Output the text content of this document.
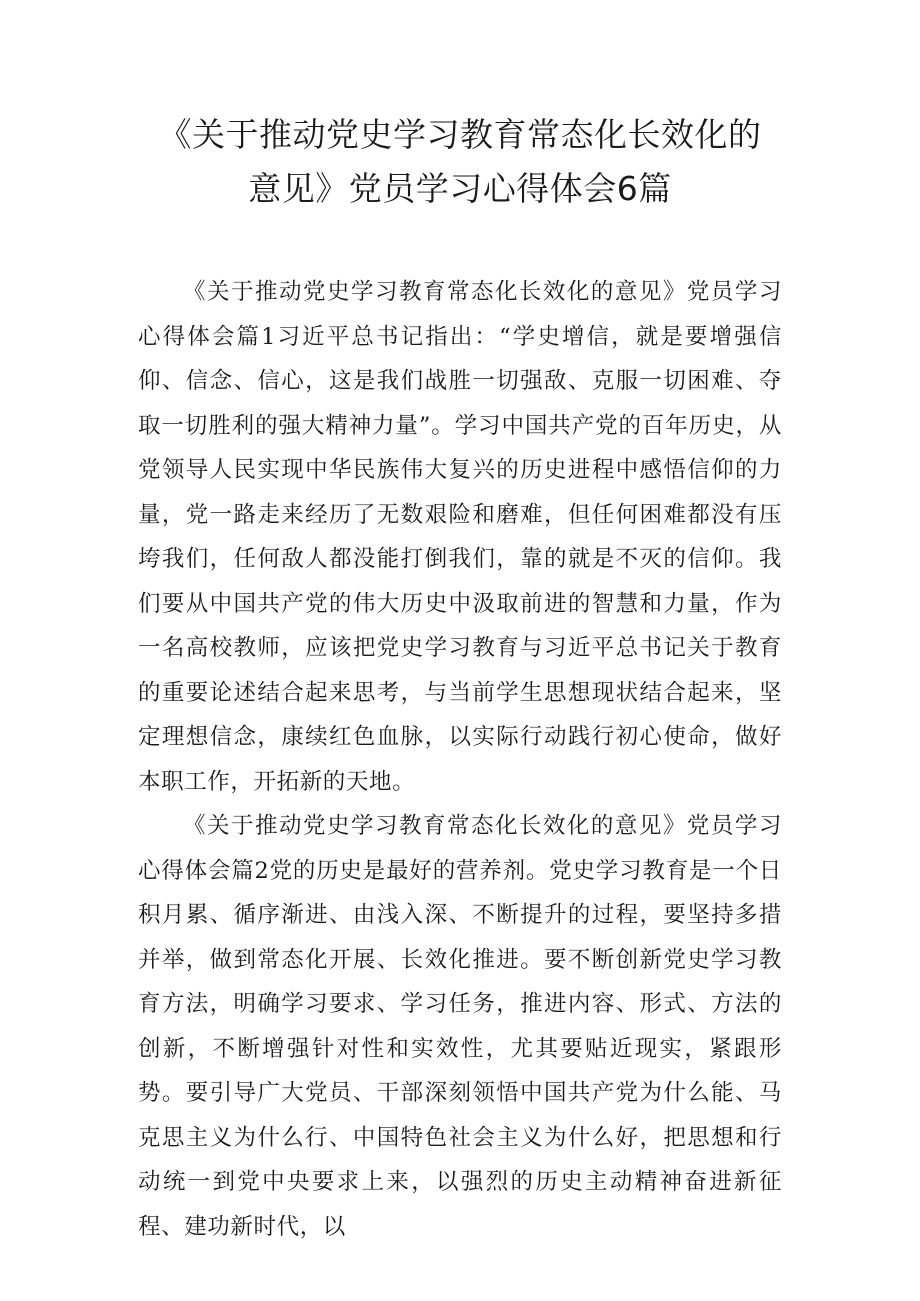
《关于推动党史学习教育常态化长效化的
意见》党员学习心得体会6篇

《关于推动党史学习教育常态化长效化的意见》党员学习心得体会篇1习近平总书记指出：“学史增信，就是要增强信仰、信念、信心，这是我们战胜一切强敌、克服一切困难、夺取一切胜利的强大精神力量”。学习中国共产党的百年历史，从党领导人民实现中华民族伟大复兴的历史进程中感悟信仰的力量，党一路走来经历了无数艰险和磨难，但任何困难都没有压垮我们，任何敌人都没能打倒我们，靠的就是不灭的信仰。我们要从中国共产党的伟大历史中汲取前进的智慧和力量，作为一名高校教师，应该把党史学习教育与习近平总书记关于教育的重要论述结合起来思考，与当前学生思想现状结合起来，坚定理想信念，康续红色血脉，以实际行动践行初心使命，做好本职工作，开拓新的天地。

《关于推动党史学习教育常态化长效化的意见》党员学习心得体会篇2党的历史是最好的营养剂。党史学习教育是一个日积月累、循序渐进、由浅入深、不断提升的过程，要坚持多措并举，做到常态化开展、长效化推进。要不断创新党史学习教育方法，明确学习要求、学习任务，推进内容、形式、方法的创新，不断增强针对性和实效性，尤其要贴近现实，紧跟形势。要引导广大党员、干部深刻领悟中国共产党为什么能、马克思主义为什么行、中国特色社会主义为什么好，把思想和行动统一到党中央要求上来，以强烈的历史主动精神奋进新征程、建功新时代，以
